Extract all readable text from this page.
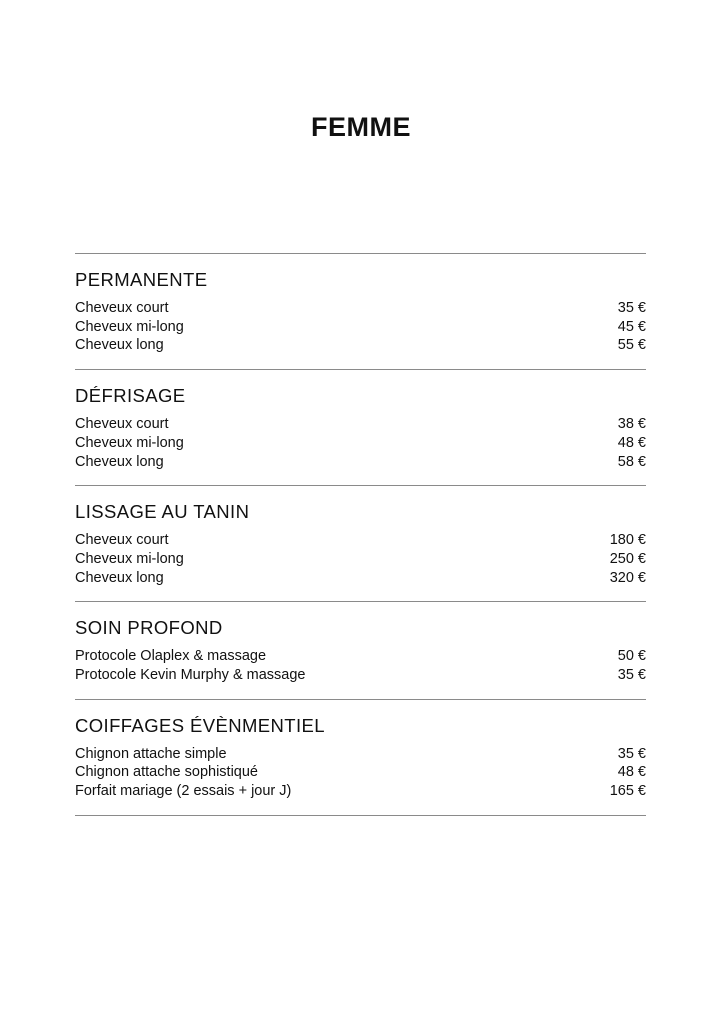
FEMME
PERMANENTE
Cheveux court	35 €
Cheveux mi-long	45 €
Cheveux long	55 €
DÉFRISAGE
Cheveux court	38 €
Cheveux mi-long	48 €
Cheveux long	58 €
LISSAGE AU TANIN
Cheveux court	180 €
Cheveux mi-long	250 €
Cheveux long	320 €
SOIN PROFOND
Protocole Olaplex & massage	50 €
Protocole Kevin Murphy & massage	35 €
COIFFAGES ÉVÈNMENTIEL
Chignon attache simple	35 €
Chignon attache sophistiqué	48 €
Forfait mariage (2 essais + jour J)	165 €
